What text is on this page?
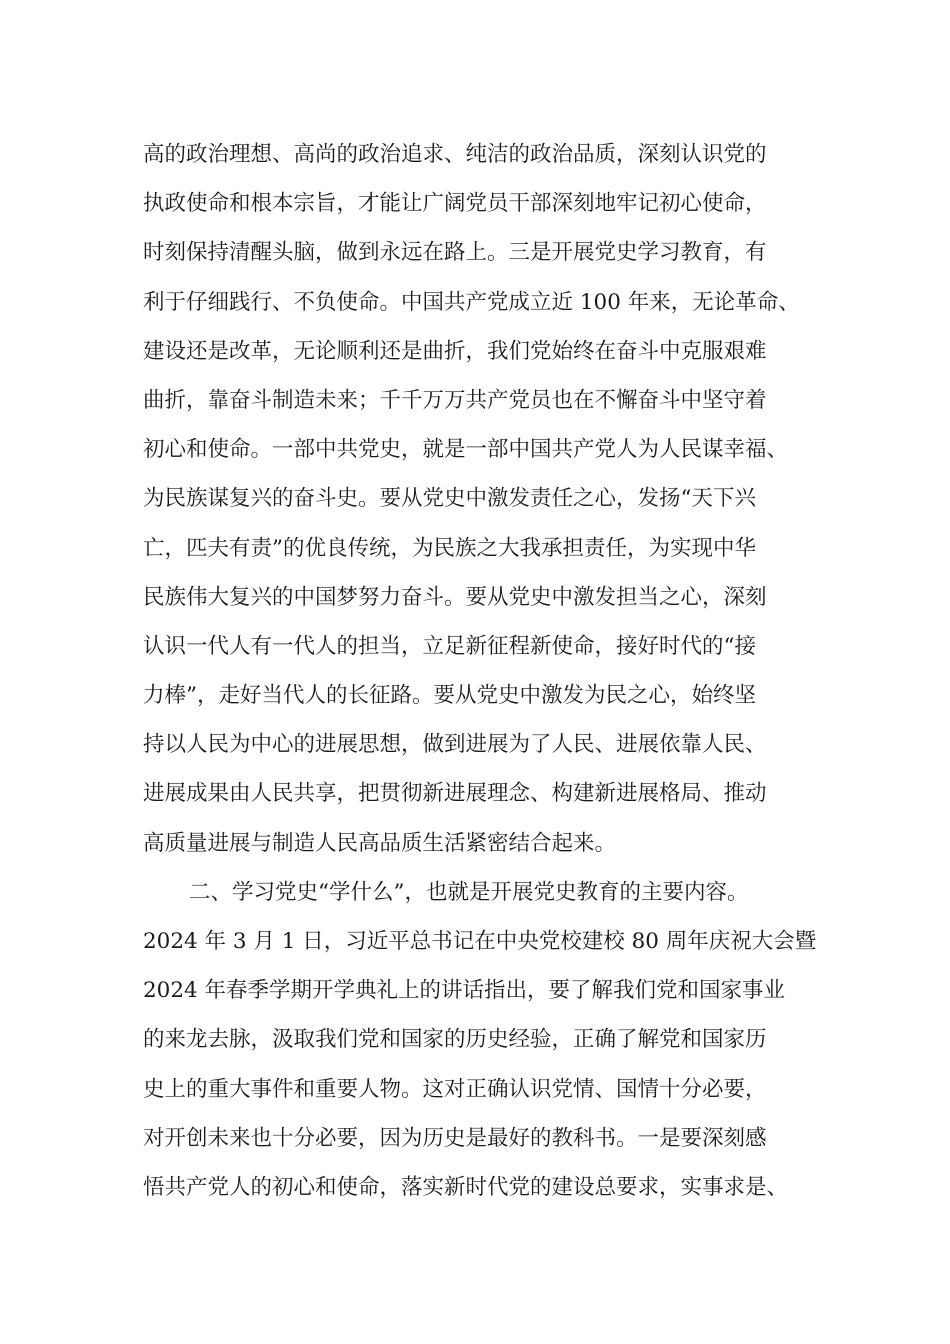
高的政治理想、高尚的政治追求、纯洁的政治品质，深刻认识党的
执政使命和根本宗旨，才能让广阔党员干部深刻地牢记初心使命，
时刻保持清醒头脑，做到永远在路上。三是开展党史学习教育，有
利于仔细践行、不负使命。中国共产党成立近 100 年来，无论革命、
建设还是改革，无论顺利还是曲折，我们党始终在奋斗中克服艰难
曲折，靠奋斗制造未来；千千万万共产党员也在不懈奋斗中坚守着
初心和使命。一部中共党史，就是一部中国共产党人为人民谋幸福、
为民族谋复兴的奋斗史。要从党史中激发责任之心，发扬“天下兴
亡，匹夫有责”的优良传统，为民族之大我承担责任，为实现中华
民族伟大复兴的中国梦努力奋斗。要从党史中激发担当之心，深刻
认识一代人有一代人的担当，立足新征程新使命，接好时代的“接
力棒”，走好当代人的长征路。要从党史中激发为民之心，始终坚
持以人民为中心的进展思想，做到进展为了人民、进展依靠人民、
进展成果由人民共享，把贯彻新进展理念、构建新进展格局、推动
高质量进展与制造人民高品质生活紧密结合起来。
二、学习党史“学什么”，也就是开展党史教育的主要内容。
2024 年 3 月 1 日，习近平总书记在中央党校建校 80 周年庆祝大会暨
2024 年春季学期开学典礼上的讲话指出，要了解我们党和国家事业
的来龙去脉，汲取我们党和国家的历史经验，正确了解党和国家历
史上的重大事件和重要人物。这对正确认识党情、国情十分必要，
对开创未来也十分必要，因为历史是最好的教科书。一是要深刻感
悟共产党人的初心和使命，落实新时代党的建设总要求，实事求是、
